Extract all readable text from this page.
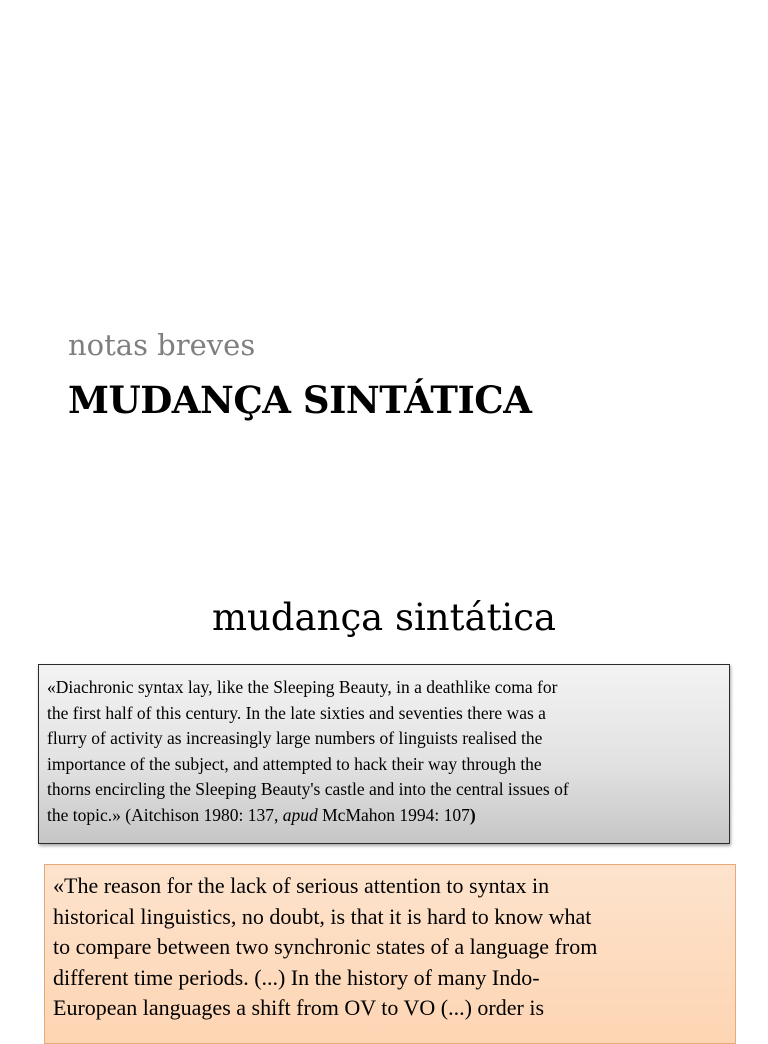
notas breves
MUDANÇA SINTÁTICA
mudança sintática
«Diachronic syntax lay, like the Sleeping Beauty, in a deathlike coma for
the first half of this century. In the late sixties and seventies there was a
flurry of activity as increasingly large numbers of linguists realised the
importance of the subject, and attempted to hack their way through the
thorns encircling the Sleeping Beauty's castle and into the central issues of
the topic.» (Aitchison 1980: 137, apud McMahon 1994: 107)
«The reason for the lack of serious attention to syntax in
historical linguistics, no doubt, is that it is hard to know what
to compare between two synchronic states of a language from
different time periods. (...) In the history of many Indo-
European languages a shift from OV to VO (...) order is
